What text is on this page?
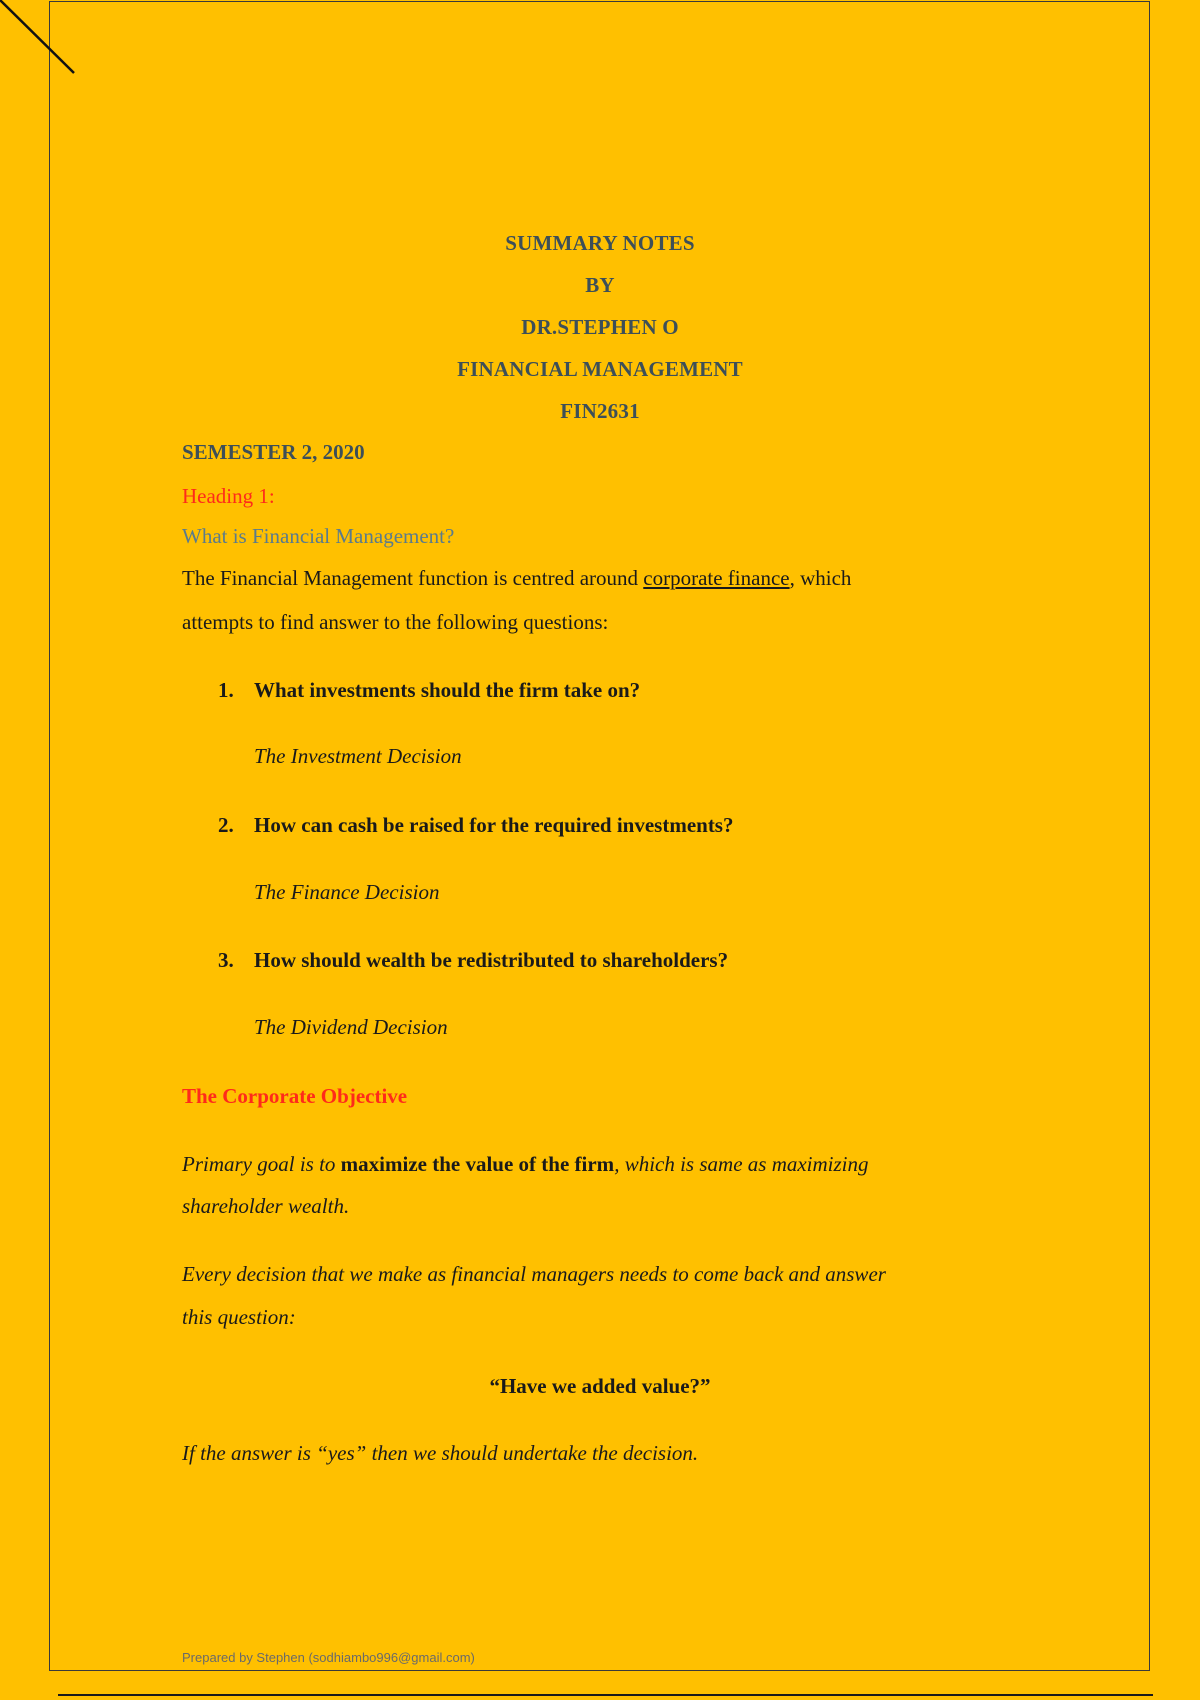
SUMMARY NOTES
BY
DR.STEPHEN O
FINANCIAL MANAGEMENT
FIN2631
SEMESTER 2, 2020
Heading 1:
What is Financial Management?
The Financial Management function is centred around corporate finance, which
attempts to find answer to the following questions:
1. What investments should the firm take on?
The Investment Decision
2. How can cash be raised for the required investments?
The Finance Decision
3. How should wealth be redistributed to shareholders?
The Dividend Decision
The Corporate Objective
Primary goal is to maximize the value of the firm, which is same as maximizing
shareholder wealth.
Every decision that we make as financial managers needs to come back and answer
this question:
“Have we added value?”
If the answer is “yes” then we should undertake the decision.
Prepared by Stephen (sodhiambo996@gmail.com)
